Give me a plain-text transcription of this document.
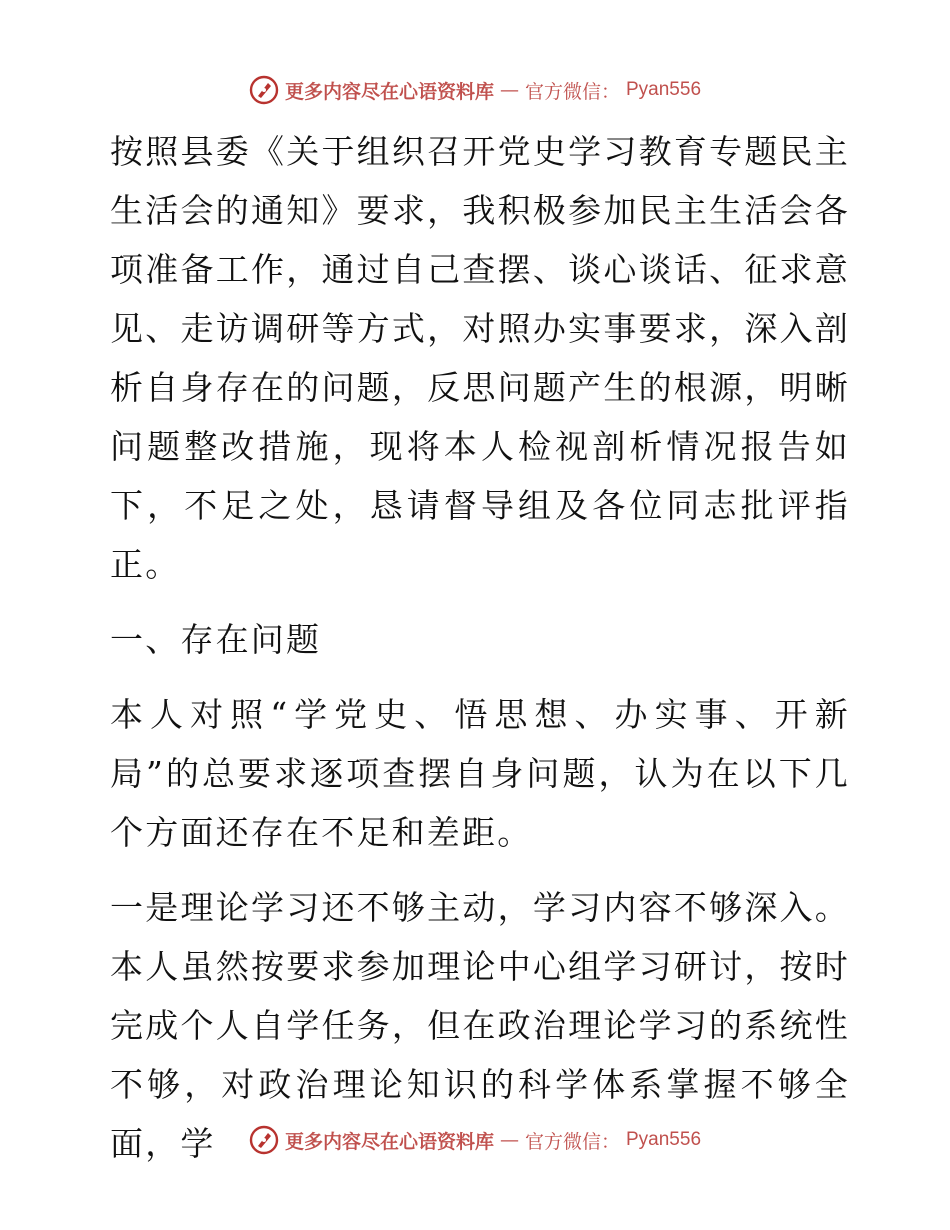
更多内容尽在心语资料库 — 官方微信： Pyan556

按照县委《关于组织召开党史学习教育专题民主生活会的通知》要求，我积极参加民主生活会各项准备工作，通过自己查摆、谈心谈话、征求意见、走访调研等方式，对照办实事要求，深入剖析自身存在的问题，反思问题产生的根源，明晰问题整改措施，现将本人检视剖析情况报告如下，不足之处，恳请督导组及各位同志批评指正。

一、存在问题

本人对照“学党史、悟思想、办实事、开新局”的总要求逐项查摆自身问题，认为在以下几个方面还存在不足和差距。

一是理论学习还不够主动，学习内容不够深入。本人虽然按要求参加理论中心组学习研讨，按时完成个人自学任务，但在政治理论学习的系统性不够，对政治理论知识的科学体系掌握不够全面，学	更多内容尽在心语资料库 — 官方微信： Pyan556
